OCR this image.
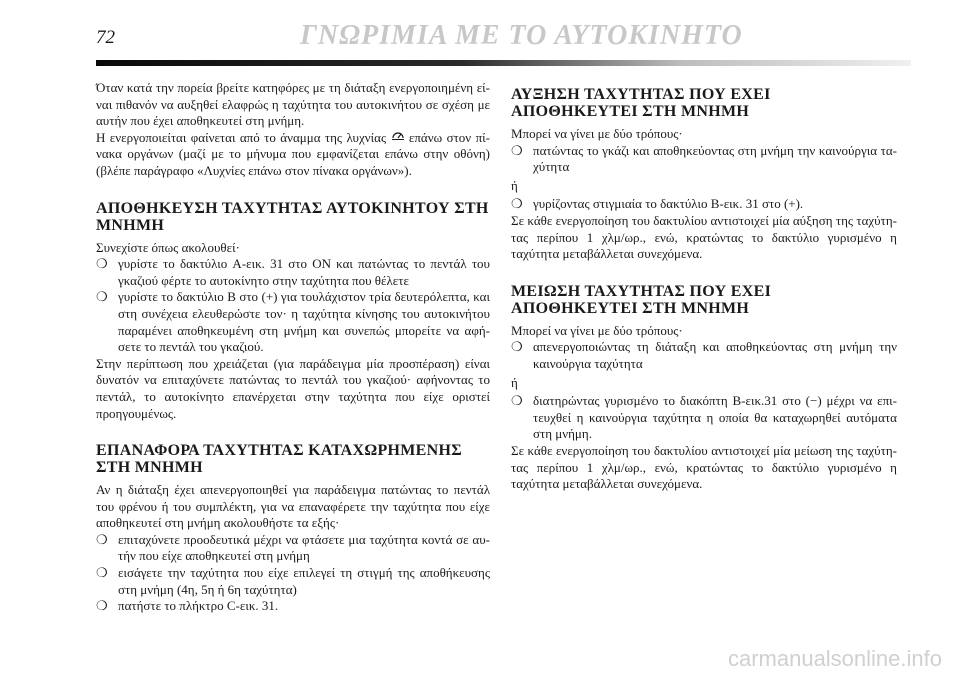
72	ΓΝΩΡΙΜΙΑ ΜΕ ΤΟ ΑΥΤΟΚΙΝΗΤΟ

Όταν κατά την πορεία βρείτε κατηφόρες με τη διάταξη ενεργοποιημένη είναι πιθανόν να αυξηθεί ελαφρώς η ταχύτητα του αυτοκινήτου σε σχέση με αυτήν που έχει αποθηκευτεί στη μνήμη.

Η ενεργοποιείται φαίνεται από το άναμμα της λυχνίας επάνω στον πίνακα οργάνων (μαζί με το μήνυμα που εμφανίζεται επάνω στην οθόνη) (βλέπε παράγραφο «Λυχνίες επάνω στον πίνακα οργάνων»).

ΑΠΟΘΗΚΕΥΣΗ ΤΑΧΥΤΗΤΑΣ ΑΥΤΟΚΙΝΗΤΟΥ ΣΤΗ ΜΝΗΜΗ

Συνεχίστε όπως ακολουθεί·

❍ γυρίστε το δακτύλιο A-εικ. 31 στο ON και πατώντας το πεντάλ του γκαζιού φέρτε το αυτοκίνητο στην ταχύτητα που θέλετε
❍ γυρίστε το δακτύλιο B στο (+) για τουλάχιστον τρία δευτερόλεπτα, και στη συνέχεια ελευθερώστε τον· η ταχύτητα κίνησης του αυτοκινήτου παραμένει αποθηκευμένη στη μνήμη και συνεπώς μπορείτε να αφήσετε το πεντάλ του γκαζιού.

Στην περίπτωση που χρειάζεται (για παράδειγμα μία προσπέραση) είναι δυνατόν να επιταχύνετε πατώντας το πεντάλ του γκαζιού· αφήνοντας το πεντάλ, το αυτοκίνητο επανέρχεται στην ταχύτητα που είχε οριστεί προηγουμένως.

ΕΠΑΝΑΦΟΡΑ ΤΑΧΥΤΗΤΑΣ ΚΑΤΑΧΩΡΗΜΕΝΗΣ ΣΤΗ ΜΝΗΜΗ

Αν η διάταξη έχει απενεργοποιηθεί για παράδειγμα πατώντας το πεντάλ του φρένου ή του συμπλέκτη, για να επαναφέρετε την ταχύτητα που είχε αποθηκευτεί στη μνήμη ακολουθήστε τα εξής·

❍ επιταχύνετε προοδευτικά μέχρι να φτάσετε μια ταχύτητα κοντά σε αυτήν που είχε αποθηκευτεί στη μνήμη
❍ εισάγετε την ταχύτητα που είχε επιλεγεί τη στιγμή της αποθήκευσης στη μνήμη (4η, 5η ή 6η ταχύτητα)
❍ πατήστε το πλήκτρο C-εικ. 31.
ΑΥΞΗΣΗ ΤΑΧΥΤΗΤΑΣ ΠΟΥ ΕΧΕΙ ΑΠΟΘΗΚΕΥΤΕΙ ΣΤΗ ΜΝΗΜΗ

Μπορεί να γίνει με δύο τρόπους·

❍ πατώντας το γκάζι και αποθηκεύοντας στη μνήμη την καινούργια ταχύτητα

ή

❍ γυρίζοντας στιγμιαία το δακτύλιο B-εικ. 31 στο (+).

Σε κάθε ενεργοποίηση του δακτυλίου αντιστοιχεί μία αύξηση της ταχύτητας περίπου 1 χλμ/ωρ., ενώ, κρατώντας το δακτύλιο γυρισμένο η ταχύτητα μεταβάλλεται συνεχόμενα.

ΜΕΙΩΣΗ ΤΑΧΥΤΗΤΑΣ ΠΟΥ ΕΧΕΙ ΑΠΟΘΗΚΕΥΤΕΙ ΣΤΗ ΜΝΗΜΗ

Μπορεί να γίνει με δύο τρόπους·

❍ απενεργοποιώντας τη διάταξη και αποθηκεύοντας στη μνήμη την καινούργια ταχύτητα

ή

❍ διατηρώντας γυρισμένο το διακόπτη B-εικ.31 στο (−) μέχρι να επιτευχθεί η καινούργια ταχύτητα η οποία θα καταχωρηθεί αυτόματα στη μνήμη.

Σε κάθε ενεργοποίηση του δακτυλίου αντιστοιχεί μία μείωση της ταχύτητας περίπου 1 χλμ/ωρ., ενώ, κρατώντας το δακτύλιο γυρισμένο η ταχύτητα μεταβάλλεται συνεχόμενα.

carmanualsonline.info
